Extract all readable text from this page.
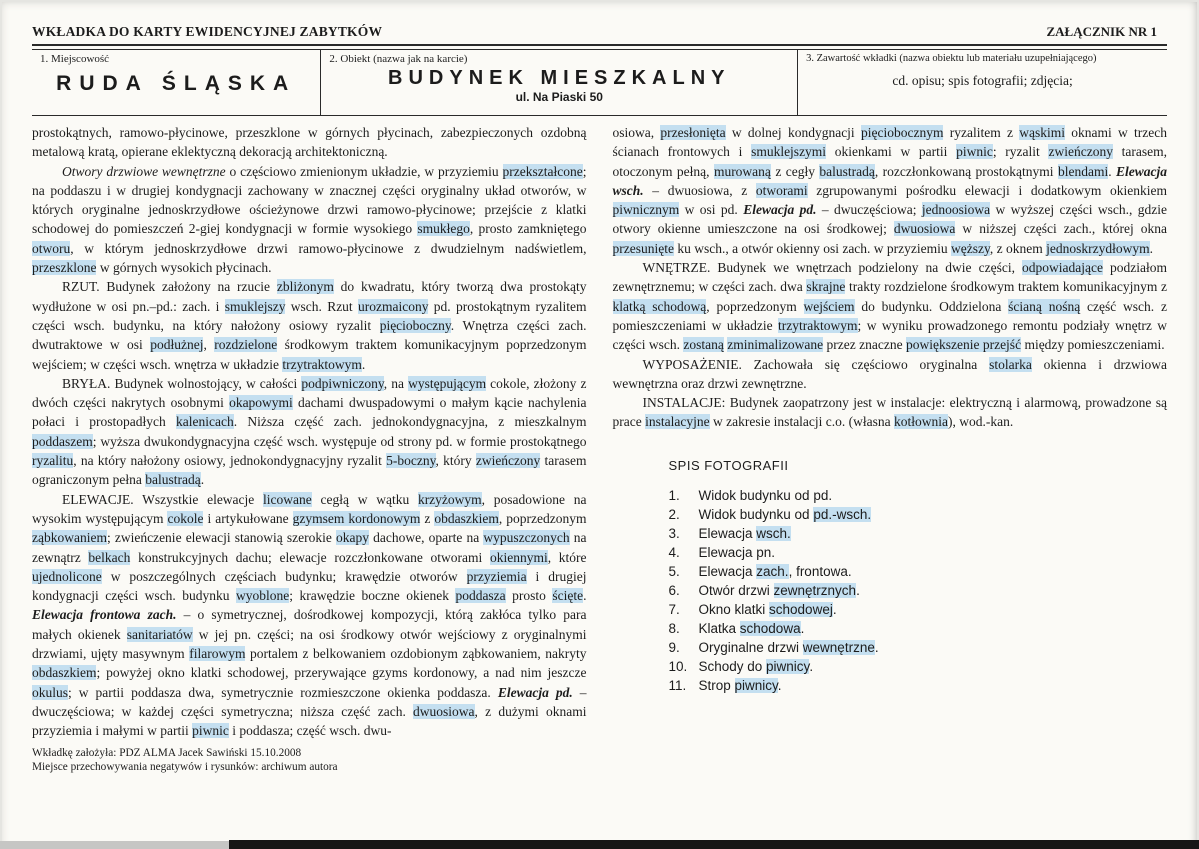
WKŁADKA DO KARTY EWIDENCYJNEJ ZABYTKÓW	ZAŁĄCZNIK NR 1
1. Miejscowość
RUDA ŚLĄSKA
2. Obiekt (nazwa jak na karcie)
BUDYNEK MIESZKALNY
ul. Na Piaski 50
3. Zawartość wkładki (nazwa obiektu lub materiału uzupełniającego)
cd. opisu; spis fotografii; zdjęcia;

prostokątnych, ramowo-płycinowe, przeszklone w górnych płycinach, zabezpieczonych ozdobną metalową kratą, opierane eklektyczną dekoracją architektoniczną.

Otwory drzwiowe wewnętrzne o częściowo zmienionym układzie, w przyziemiu przekształcone; na poddaszu i w drugiej kondygnacji zachowany w znacznej części oryginalny układ otworów, w których oryginalne jednoskrzydłowe ościeżynowe drzwi ramowo-płycinowe; przejście z klatki schodowej do pomieszczeń 2-giej kondygnacji w formie wysokiego smukłego, prosto zamkniętego otworu, w którym jednoskrzydłowe drzwi ramowo-płycinowe z dwudzielnym nadświetlem, przeszklone w górnych wysokich płycinach.

RZUT. Budynek założony na rzucie zbliżonym do kwadratu, który tworzą dwa prostokąty wydłużone w osi pn.–pd.: zach. i smuklejszy wsch. Rzut urozmaicony pd. prostokątnym ryzalitem części wsch. budynku, na który nałożony osiowy ryzalit pięcioboczny. Wnętrza części zach. dwutraktowe w osi podłużnej, rozdzielone środkowym traktem komunikacyjnym poprzedzonym wejściem; w części wsch. wnętrza w układzie trzytraktowym.

BRYŁA. Budynek wolnostojący, w całości podpiwniczony, na występującym cokole, złożony z dwóch części nakrytych osobnymi okapowymi dachami dwuspadowymi o małym kącie nachylenia połaci i prostopadłych kalenicach. Niższa część zach. jednokondygnacyjna, z mieszkalnym poddaszem; wyższa dwukondygnacyjna część wsch. występuje od strony pd. w formie prostokątnego ryzalitu, na który nałożony osiowy, jednokondygnacyjny ryzalit 5-boczny, który zwieńczony tarasem ograniczonym pełna balustradą.

ELEWACJE. Wszystkie elewacje licowane cegłą w wątku krzyżowym, posadowione na wysokim występującym cokole i artykułowane gzymsem kordonowym z obdaszkiem, poprzedzonym ząbkowaniem; zwieńczenie elewacji stanowią szerokie okapy dachowe, oparte na wypuszczonych na zewnątrz belkach konstrukcyjnych dachu; elewacje rozczłonkowane otworami okiennymi, które ujednolicone w poszczególnych częściach budynku; krawędzie otworów przyziemia i drugiej kondygnacji części wsch. budynku wyoblone; krawędzie boczne okienek poddasza prosto ścięte. Elewacja frontowa zach. – o symetrycznej, dośrodkowej kompozycji, którą zakłóca tylko para małych okienek sanitariatów w jej pn. części; na osi środkowy otwór wejściowy z oryginalnymi drzwiami, ujęty masywnym filarowym portalem z belkowaniem ozdobionym ząbkowaniem, nakryty obdaszkiem; powyżej okno klatki schodowej, przerywające gzyms kordonowy, a nad nim jeszcze okulus; w partii poddasza dwa, symetrycznie rozmieszczone okienka poddasza. Elewacja pd. – dwuczęściowa; w każdej części symetryczna; niższa część zach. dwuosiowa, z dużymi oknami przyziemia i małymi w partii piwnic i poddasza; część wsch. dwu-

osiowa, przesłonięta w dolnej kondygnacji pięciobocznym ryzalitem z wąskimi oknami w trzech ścianach frontowych i smuklejszymi okienkami w partii piwnic; ryzalit zwieńczony tarasem, otoczonym pełną, murowaną z cegły balustradą, rozczłonkowaną prostokątnymi blendami. Elewacja wsch. – dwuosiowa, z otworami zgrupowanymi pośrodku elewacji i dodatkowym okienkiem piwnicznym w osi pd. Elewacja pd. – dwuczęściowa; jednoosiowa w wyższej części wsch., gdzie otwory okienne umieszczone na osi środkowej; dwuosiowa w niższej części zach., której okna przesunięte ku wsch., a otwór okienny osi zach. w przyziemiu węższy, z oknem jednoskrzydłowym.

WNĘTRZE. Budynek we wnętrzach podzielony na dwie części, odpowiadające podziałom zewnętrznemu; w części zach. dwa skrajne trakty rozdzielone środkowym traktem komunikacyjnym z klatką schodową, poprzedzonym wejściem do budynku. Oddzielona ścianą nośną część wsch. z pomieszczeniami w układzie trzytraktowym; w wyniku prowadzonego remontu podziały wnętrz w części wsch. zostaną zminimalizowane przez znaczne powiększenie przejść między pomieszczeniami.

WYPOSAŻENIE. Zachowała się częściowo oryginalna stolarka okienna i drzwiowa wewnętrzna oraz drzwi zewnętrzne.

INSTALACJE: Budynek zaopatrzony jest w instalacje: elektryczną i alarmową, prowadzone są prace instalacyjne w zakresie instalacji c.o. (własna kotłownia), wod.-kan.

SPIS FOTOGRAFII
1.	Widok budynku od pd.
2.	Widok budynku od pd.-wsch.
3.	Elewacja wsch.
4.	Elewacja pn.
5.	Elewacja zach., frontowa.
6.	Otwór drzwi zewnętrznych.
7.	Okno klatki schodowej.
8.	Klatka schodowa.
9.	Oryginalne drzwi wewnętrzne.
10. Schody do piwnicy.
11. Strop piwnicy.
Wkładkę założyła: PDZ ALMA Jacek Sawiński 15.10.2008
Miejsce przechowywania negatywów i rysunków: archiwum autora
